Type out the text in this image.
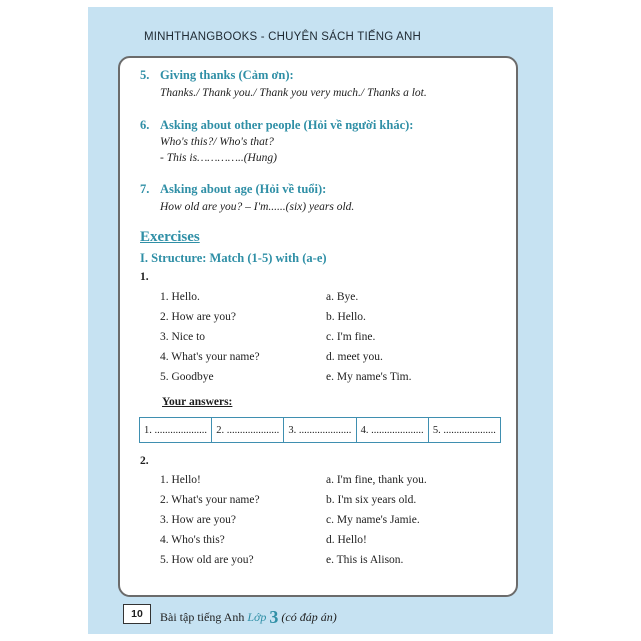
MINHTHANGBOOKS - CHUYÊN SÁCH TIẾNG ANH
5. Giving thanks (Cảm ơn):
Thanks./ Thank you./ Thank you very much./ Thanks a lot.
6. Asking about other people (Hỏi về người khác):
Who's this?/ Who's that?
- This is…………..(Hung)
7. Asking about age (Hỏi về tuổi):
How old are you? – I'm......(six) years old.
Exercises
I. Structure: Match (1-5) with (a-e)
1.
1. Hello.
2. How are you?
3. Nice to
4. What's your name?
5. Goodbye
a. Bye.
b. Hello.
c. I'm fine.
d. meet you.
e. My name's Tim.
Your answers:
1. .................... 2. .................... 3. .................... 4. .................... 5. ....................
2.
1. Hello!
2. What's your name?
3. How are you?
4. Who's this?
5. How old are you?
a. I'm fine, thank you.
b. I'm six years old.
c. My name's Jamie.
d. Hello!
e. This is Alison.
10	Bài tập tiếng Anh Lớp 3 (có đáp án)
